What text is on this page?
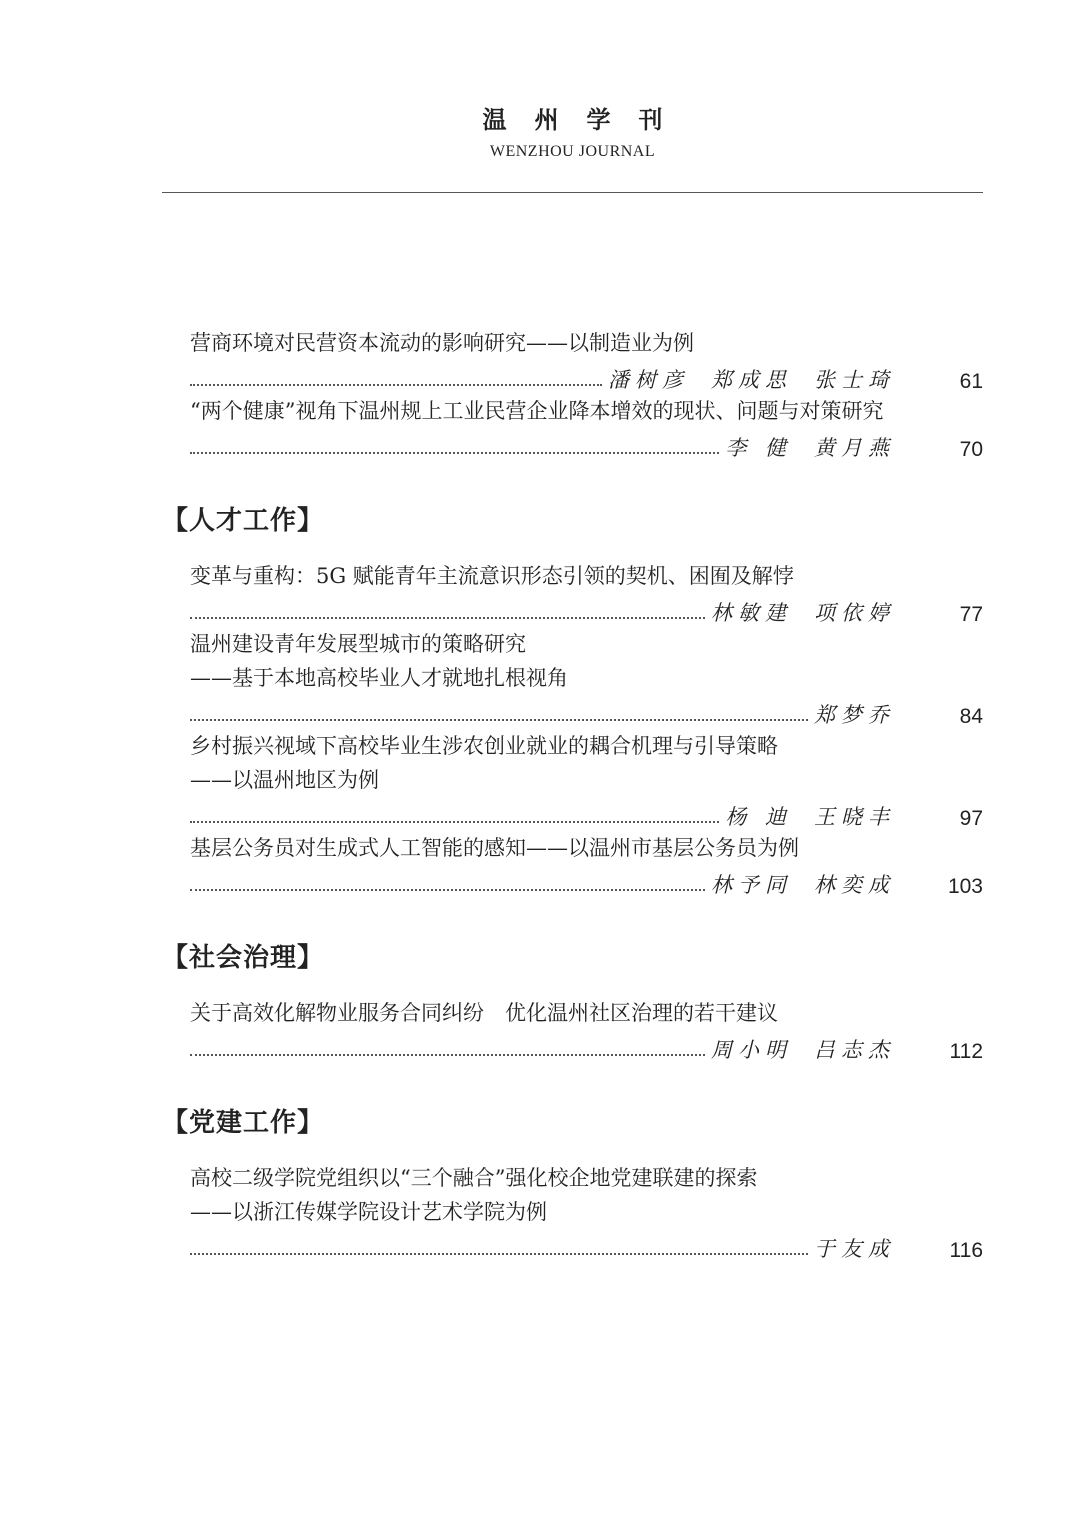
温州学刊
WENZHOU JOURNAL
营商环境对民营资本流动的影响研究——以制造业为例
潘树彦 郑成思 张士琦	61
“两个健康”视角下温州规上工业民营企业降本增效的现状、问题与对策研究
李 健 黄月燕	70
【人才工作】
变革与重构：5G 赋能青年主流意识形态引领的契机、困囿及解悖
林敏建 项依婷	77
温州建设青年发展型城市的策略研究
——基于本地高校毕业人才就地扎根视角
郑梦乔	84
乡村振兴视域下高校毕业生涉农创业就业的耦合机理与引导策略
——以温州地区为例
杨 迪 王晓丰	97
基层公务员对生成式人工智能的感知——以温州市基层公务员为例
林予同 林奕成	103
【社会治理】
关于高效化解物业服务合同纠纷　优化温州社区治理的若干建议
周小明 吕志杰	112
【党建工作】
高校二级学院党组织以“三个融合”强化校企地党建联建的探索
——以浙江传媒学院设计艺术学院为例
于友成	116
